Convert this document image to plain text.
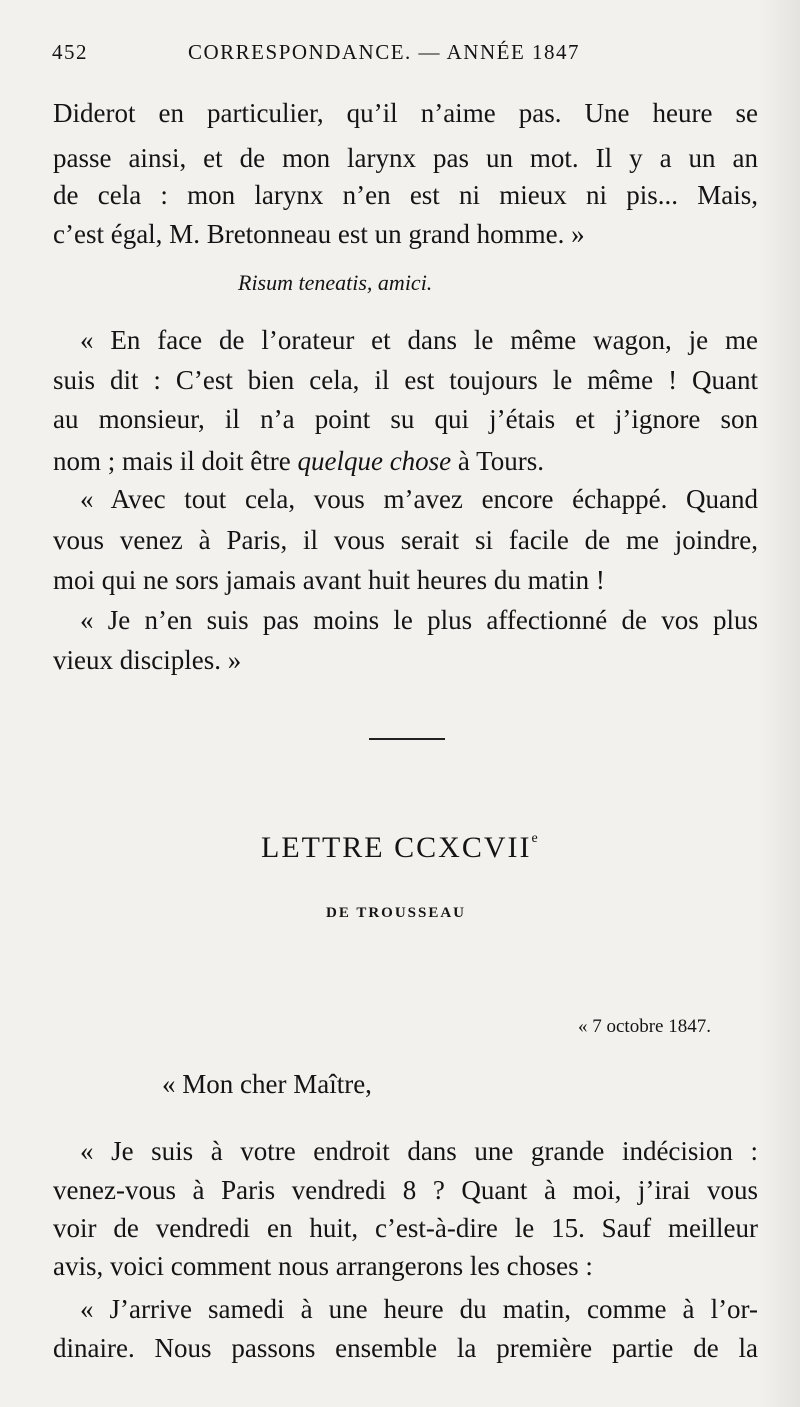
452	CORRESPONDANCE. — ANNÉE 1847
Diderot en particulier, qu’il n’aime pas. Une heure se
passe ainsi, et de mon larynx pas un mot. Il y a un an
de cela : mon larynx n’en est ni mieux ni pis... Mais,
c’est égal, M. Bretonneau est un grand homme. »
Risum teneatis, amici.
« En face de l’orateur et dans le même wagon, je me
suis dit : C’est bien cela, il est toujours le même ! Quant
au monsieur, il n’a point su qui j’étais et j’ignore son
nom ; mais il doit être quelque chose à Tours.
« Avec tout cela, vous m’avez encore échappé. Quand
vous venez à Paris, il vous serait si facile de me joindre,
moi qui ne sors jamais avant huit heures du matin !
« Je n’en suis pas moins le plus affectionné de vos plus
vieux disciples. »
LETTRE CCXCVIIe
DE TROUSSEAU
« 7 octobre 1847.
« Mon cher Maître,
« Je suis à votre endroit dans une grande indécision :
venez-vous à Paris vendredi 8 ? Quant à moi, j’irai vous
voir de vendredi en huit, c’est-à-dire le 15. Sauf meilleur
avis, voici comment nous arrangerons les choses :
« J’arrive samedi à une heure du matin, comme à l’or-
dinaire. Nous passons ensemble la première partie de la
